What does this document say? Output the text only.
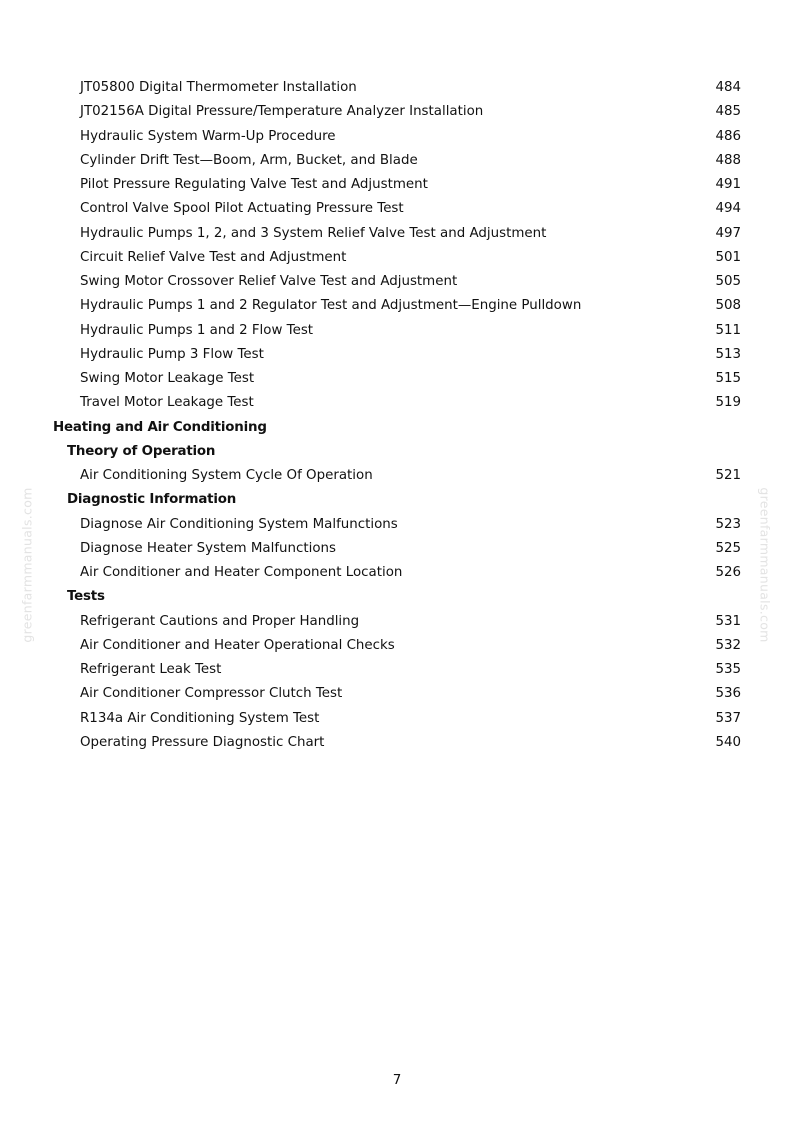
greenfarmmanuals.com	greenfarmmanuals.com
JT05800 Digital Thermometer Installation	484
JT02156A Digital Pressure/Temperature Analyzer Installation	485
Hydraulic System Warm-Up Procedure	486
Cylinder Drift Test—Boom, Arm, Bucket, and Blade	488
Pilot Pressure Regulating Valve Test and Adjustment	491
Control Valve Spool Pilot Actuating Pressure Test	494
Hydraulic Pumps 1, 2, and 3 System Relief Valve Test and Adjustment	497
Circuit Relief Valve Test and Adjustment	501
Swing Motor Crossover Relief Valve Test and Adjustment	505
Hydraulic Pumps 1 and 2 Regulator Test and Adjustment—Engine Pulldown	508
Hydraulic Pumps 1 and 2 Flow Test	511
Hydraulic Pump 3 Flow Test	513
Swing Motor Leakage Test	515
Travel Motor Leakage Test	519
Heating and Air Conditioning
Theory of Operation
Air Conditioning System Cycle Of Operation	521
Diagnostic Information
Diagnose Air Conditioning System Malfunctions	523
Diagnose Heater System Malfunctions	525
Air Conditioner and Heater Component Location	526
Tests
Refrigerant Cautions and Proper Handling	531
Air Conditioner and Heater Operational Checks	532
Refrigerant Leak Test	535
Air Conditioner Compressor Clutch Test	536
R134a Air Conditioning System Test	537
Operating Pressure Diagnostic Chart	540
7
